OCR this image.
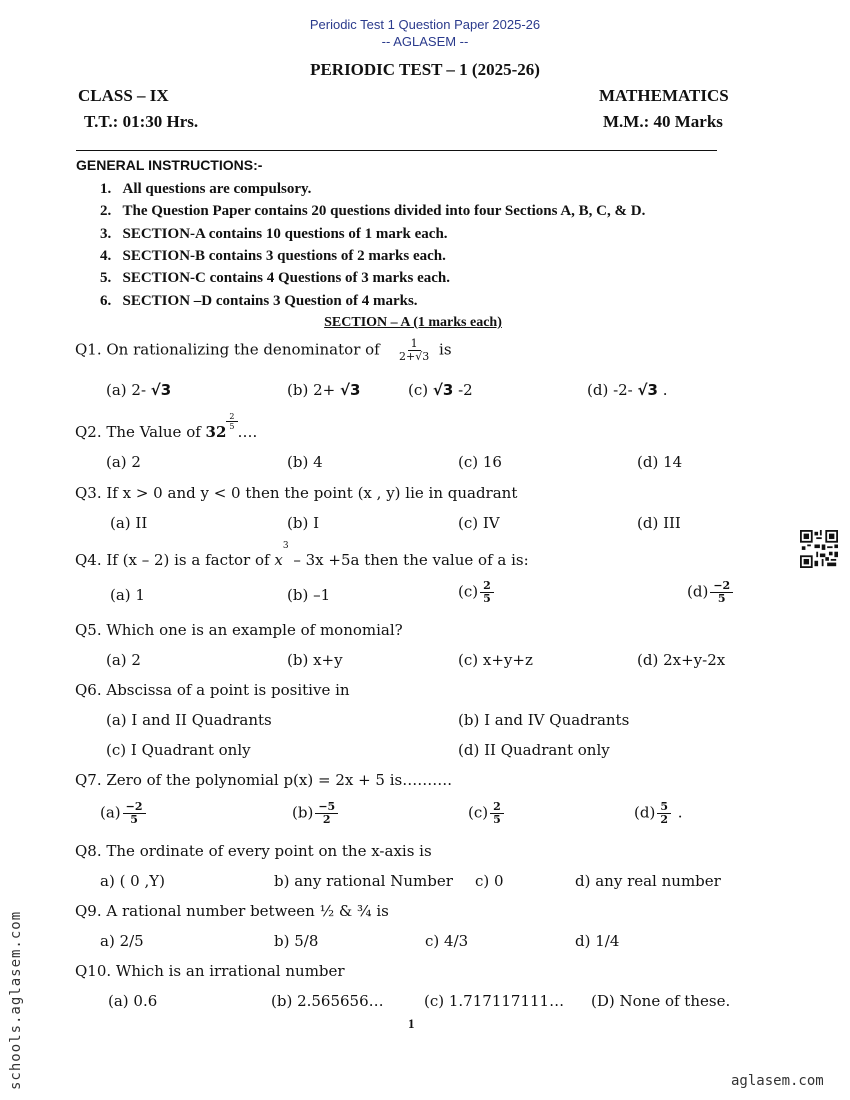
Periodic Test 1 Question Paper 2025-26
-- AGLASEM --
PERIODIC TEST – 1 (2025-26)
CLASS – IX	MATHEMATICS
T.T.: 01:30 Hrs.	M.M.: 40 Marks
GENERAL INSTRUCTIONS:-
1. All questions are compulsory.
2. The Question Paper contains 20 questions divided into four Sections A, B, C, & D.
3. SECTION-A contains 10 questions of 1 mark each.
4. SECTION-B contains 3 questions of 2 marks each.
5. SECTION-C contains 4 Questions of 3 marks each.
6. SECTION –D contains 3 Question of 4 marks.
SECTION – A (1 marks each)
Q1. On rationalizing the denominator of $\frac{1}{2+√3}$ is
(a) 2- √3	(b) 2+ √3	(c) √3 -2	(d) -2- √3 .
Q2. The Value of 32
$\frac{2}{5}$
….
(a) 2	(b) 4	(c) 16	(d) 14
Q3. If x > 0 and y < 0 then the point (x , y) lie in quadrant
(a) II	(b) I	(c) IV	(d) III
Q4. If (x – 2) is a factor of $x^3 - 3x +5a$ then the value of a is:
(a) 1	(b) –1	$(c) \frac{2}{5}$	$(d) \frac{-2}{5}$
Q5. Which one is an example of monomial?
(a) 2	(b) x+y	(c) x+y+z	(d) 2x+y-2x
Q6. Abscissa of a point is positive in
(a) I and II Quadrants	(b) I and IV Quadrants
(c) I Quadrant only	(d) II Quadrant only
Q7. Zero of the polynomial p(x) = 2x + 5 is……….
$(a) \frac{-2}{5}$	$(b) \frac{-5}{2}$	$(c) \frac{2}{5}$	$(d) \frac{5}{2}$ .
Q8. The ordinate of every point on the x-axis is
a) ( 0 ,Y)	b) any rational Number c) 0	d) any real number
Q9. A rational number between ½ & ¾ is
a) 2/5	b) 5/8	c) 4/3	d) 1/4
Q10. Which is an irrational number
(a) 0.6	(b) 2.565656…	(c) 1.717117111… (D) None of these.
1
schools.aglasem.com	aglasem.com
